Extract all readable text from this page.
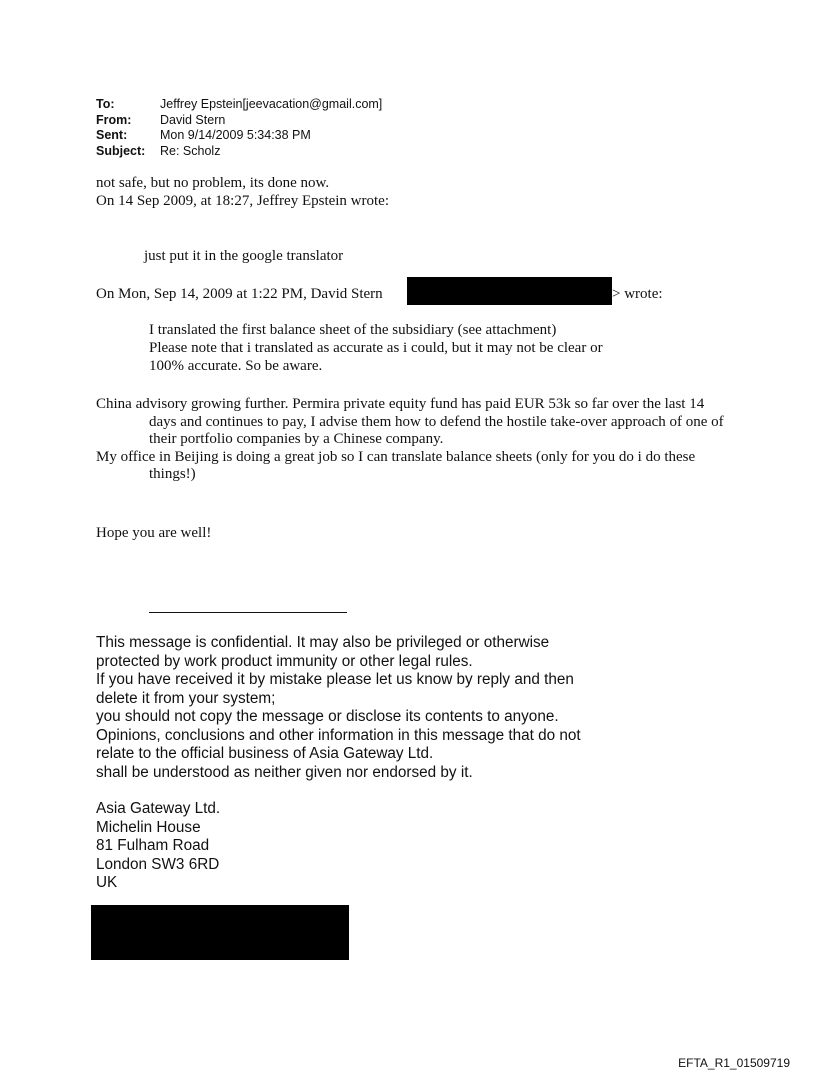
To:	Jeffrey Epstein[jeevacation@gmail.com]
From:	David Stern
Sent:	Mon 9/14/2009 5:34:38 PM
Subject:	Re: Scholz
not safe, but no problem, its done now.
On 14 Sep 2009, at 18:27, Jeffrey Epstein wrote:
just put it in the google translator
On Mon, Sep 14, 2009 at 1:22 PM, David Stern	> wrote:
I translated the first balance sheet of the subsidiary (see attachment)
Please note that i translated as accurate as i could, but it may not be clear or
100% accurate. So be aware.

China advisory growing further. Permira private equity fund has paid EUR 53k so far over the last 14 days and continues to pay, I advise them how to defend the hostile take-over approach of one of their portfolio companies by a Chinese company.

My office in Beijing is doing a great job so I can translate balance sheets (only for you do i do these things!)

Hope you are well!
This message is confidential. It may also be privileged or otherwise
protected by work product immunity or other legal rules.
If you have received it by mistake please let us know by reply and then
delete it from your system;
you should not copy the message or disclose its contents to anyone.
Opinions, conclusions and other information in this message that do not
relate to the official business of Asia Gateway Ltd.
shall be understood as neither given nor endorsed by it.
Asia Gateway Ltd.
Michelin House
81 Fulham Road
London SW3 6RD
UK
EFTA_R1_01509719
